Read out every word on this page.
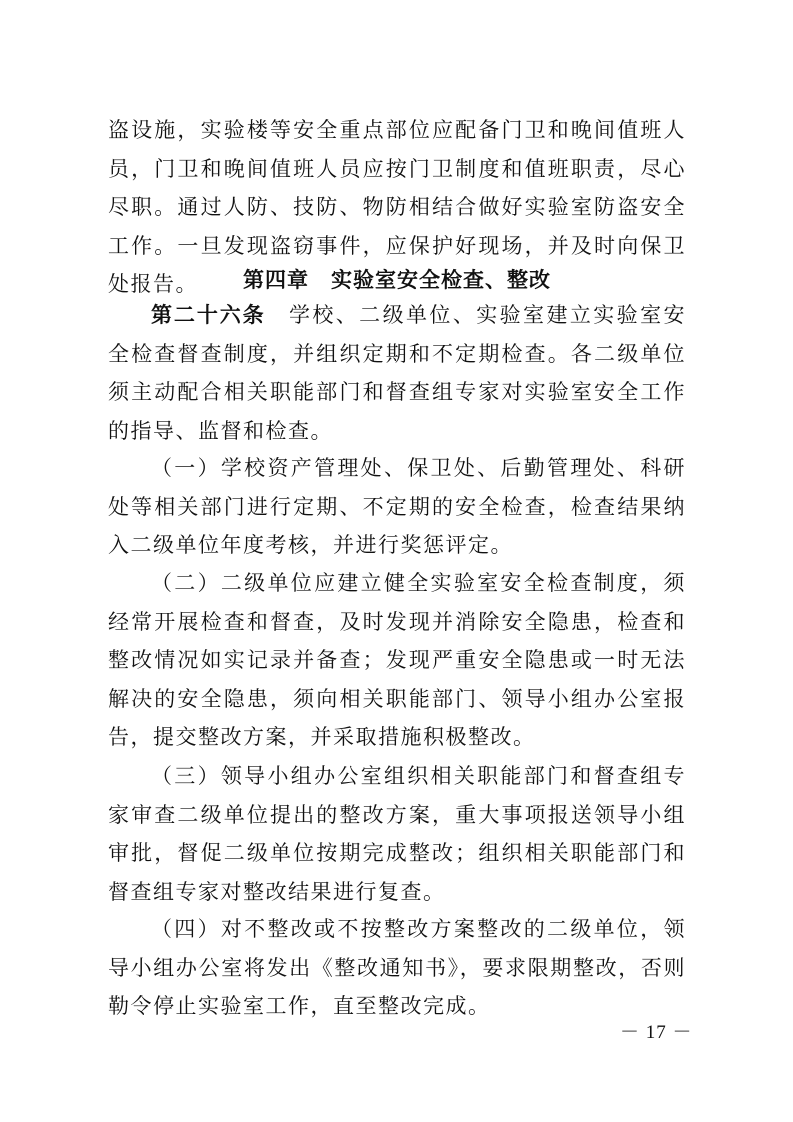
盗设施，实验楼等安全重点部位应配备门卫和晚间值班人员，门卫和晚间值班人员应按门卫制度和值班职责，尽心尽职。通过人防、技防、物防相结合做好实验室防盗安全工作。一旦发现盗窃事件，应保护好现场，并及时向保卫处报告。	第四章　实验室安全检查、整改

第二十六条　学校、二级单位、实验室建立实验室安全检查督查制度，并组织定期和不定期检查。各二级单位须主动配合相关职能部门和督查组专家对实验室安全工作的指导、监督和检查。

（一）学校资产管理处、保卫处、后勤管理处、科研处等相关部门进行定期、不定期的安全检查，检查结果纳入二级单位年度考核，并进行奖惩评定。

（二）二级单位应建立健全实验室安全检查制度，须经常开展检查和督查，及时发现并消除安全隐患，检查和整改情况如实记录并备查；发现严重安全隐患或一时无法解决的安全隐患，须向相关职能部门、领导小组办公室报告，提交整改方案，并采取措施积极整改。

（三）领导小组办公室组织相关职能部门和督查组专家审查二级单位提出的整改方案，重大事项报送领导小组审批，督促二级单位按期完成整改；组织相关职能部门和督查组专家对整改结果进行复查。

（四）对不整改或不按整改方案整改的二级单位，领导小组办公室将发出《整改通知书》，要求限期整改，否则勒令停止实验室工作，直至整改完成。

－ 17 －
